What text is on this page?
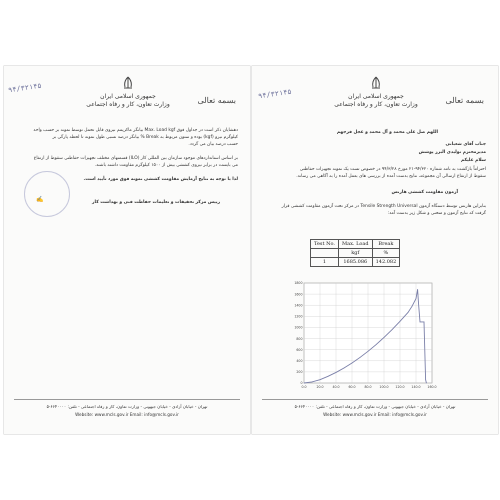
بسمه تعالی
جمهوری اسلامی ایران
وزارت تعاون، کار و رفاه اجتماعی
۹۴/۳۲۱۴۵
دهشایان ذکر است در جداول فوق Max. Load kgf بیانگر ماکزیمم نیروی قابل تحمل توسط نمونه بر حسب واحد
کیلوگرم نیرو (kgf) بوده و ستون مربوط به Break % بیانگر درصد نسبی طول نمونه تا لحظه پارگی بر
حسب درصد بیان می گردد.
بر اساس استانداردهای موجود سازمان بین المللی کار (ILO) قسمتهای مختلف تجهیزات حفاظتی سقوط از ارتفاع
می بایست در برابر نیروی کششی بیش از ۱۵۰۰ کیلوگرم مقاومت داشته باشند.
لذا با توجه به نتایج آزمایش مقاومت کششی نمونه فوق مورد تأیید است.
✍	رییس مرکز تحقیقات و تعلیمات حفاظت فنی و بهداشت کار
تهران - خیابان آزادی - خیابان جیهونی - وزارت تعاون، کار و رفاه اجتماعی - تلفن: ۶۶۴۰۰۰۰-۵
Website: www.mcls.gov.ir Email: info@mcls.gov.ir
بسمه تعالی
جمهوری اسلامی ایران
وزارت تعاون، کار و رفاه اجتماعی
۹۴/۳۲۱۴۵
اللهم صل علی محمد و آل محمد و عجل فرجهم
جناب آقای شعبانی
مدیرمحترم تولیدی البرز پوشش
سلام علیکم
احتراماً بازگشت به نامه شماره ۹۴/۳۲۰-۲۱ مورخ ۹۴/۳/۲۸ در خصوص تست یک نمونه تجهیزات حفاظتی
سقوط از ارتفاع ارسالی آن مجموعه، نتایج بدست آمده از بررسی های بعمل آمده را به آگاهی می رساند.
آزمون مقاومت کششی هارنس
بنابراین هارنس توسط دستگاه آزمون Tensile Strength Universal در مرکز تحت آزمون مقاومت کششی قرار
گرفت که نتایج آزمون و منحنی و شکل زیر بدست آمد:
Test No.	Max. Load	Break
	kgf	%
1	1685.086	142.082
0
200
400
600
800
1000
1200
1400
1600
1800
0.0	20.0	40.0	60.0	80.0 100.0 120.0 140.0 160.0
تهران - خیابان آزادی - خیابان جیهونی - وزارت تعاون، کار و رفاه اجتماعی - تلفن: ۶۶۴۰۰۰۰-۵
Website: www.mcls.gov.ir Email: info@mcls.gov.ir
